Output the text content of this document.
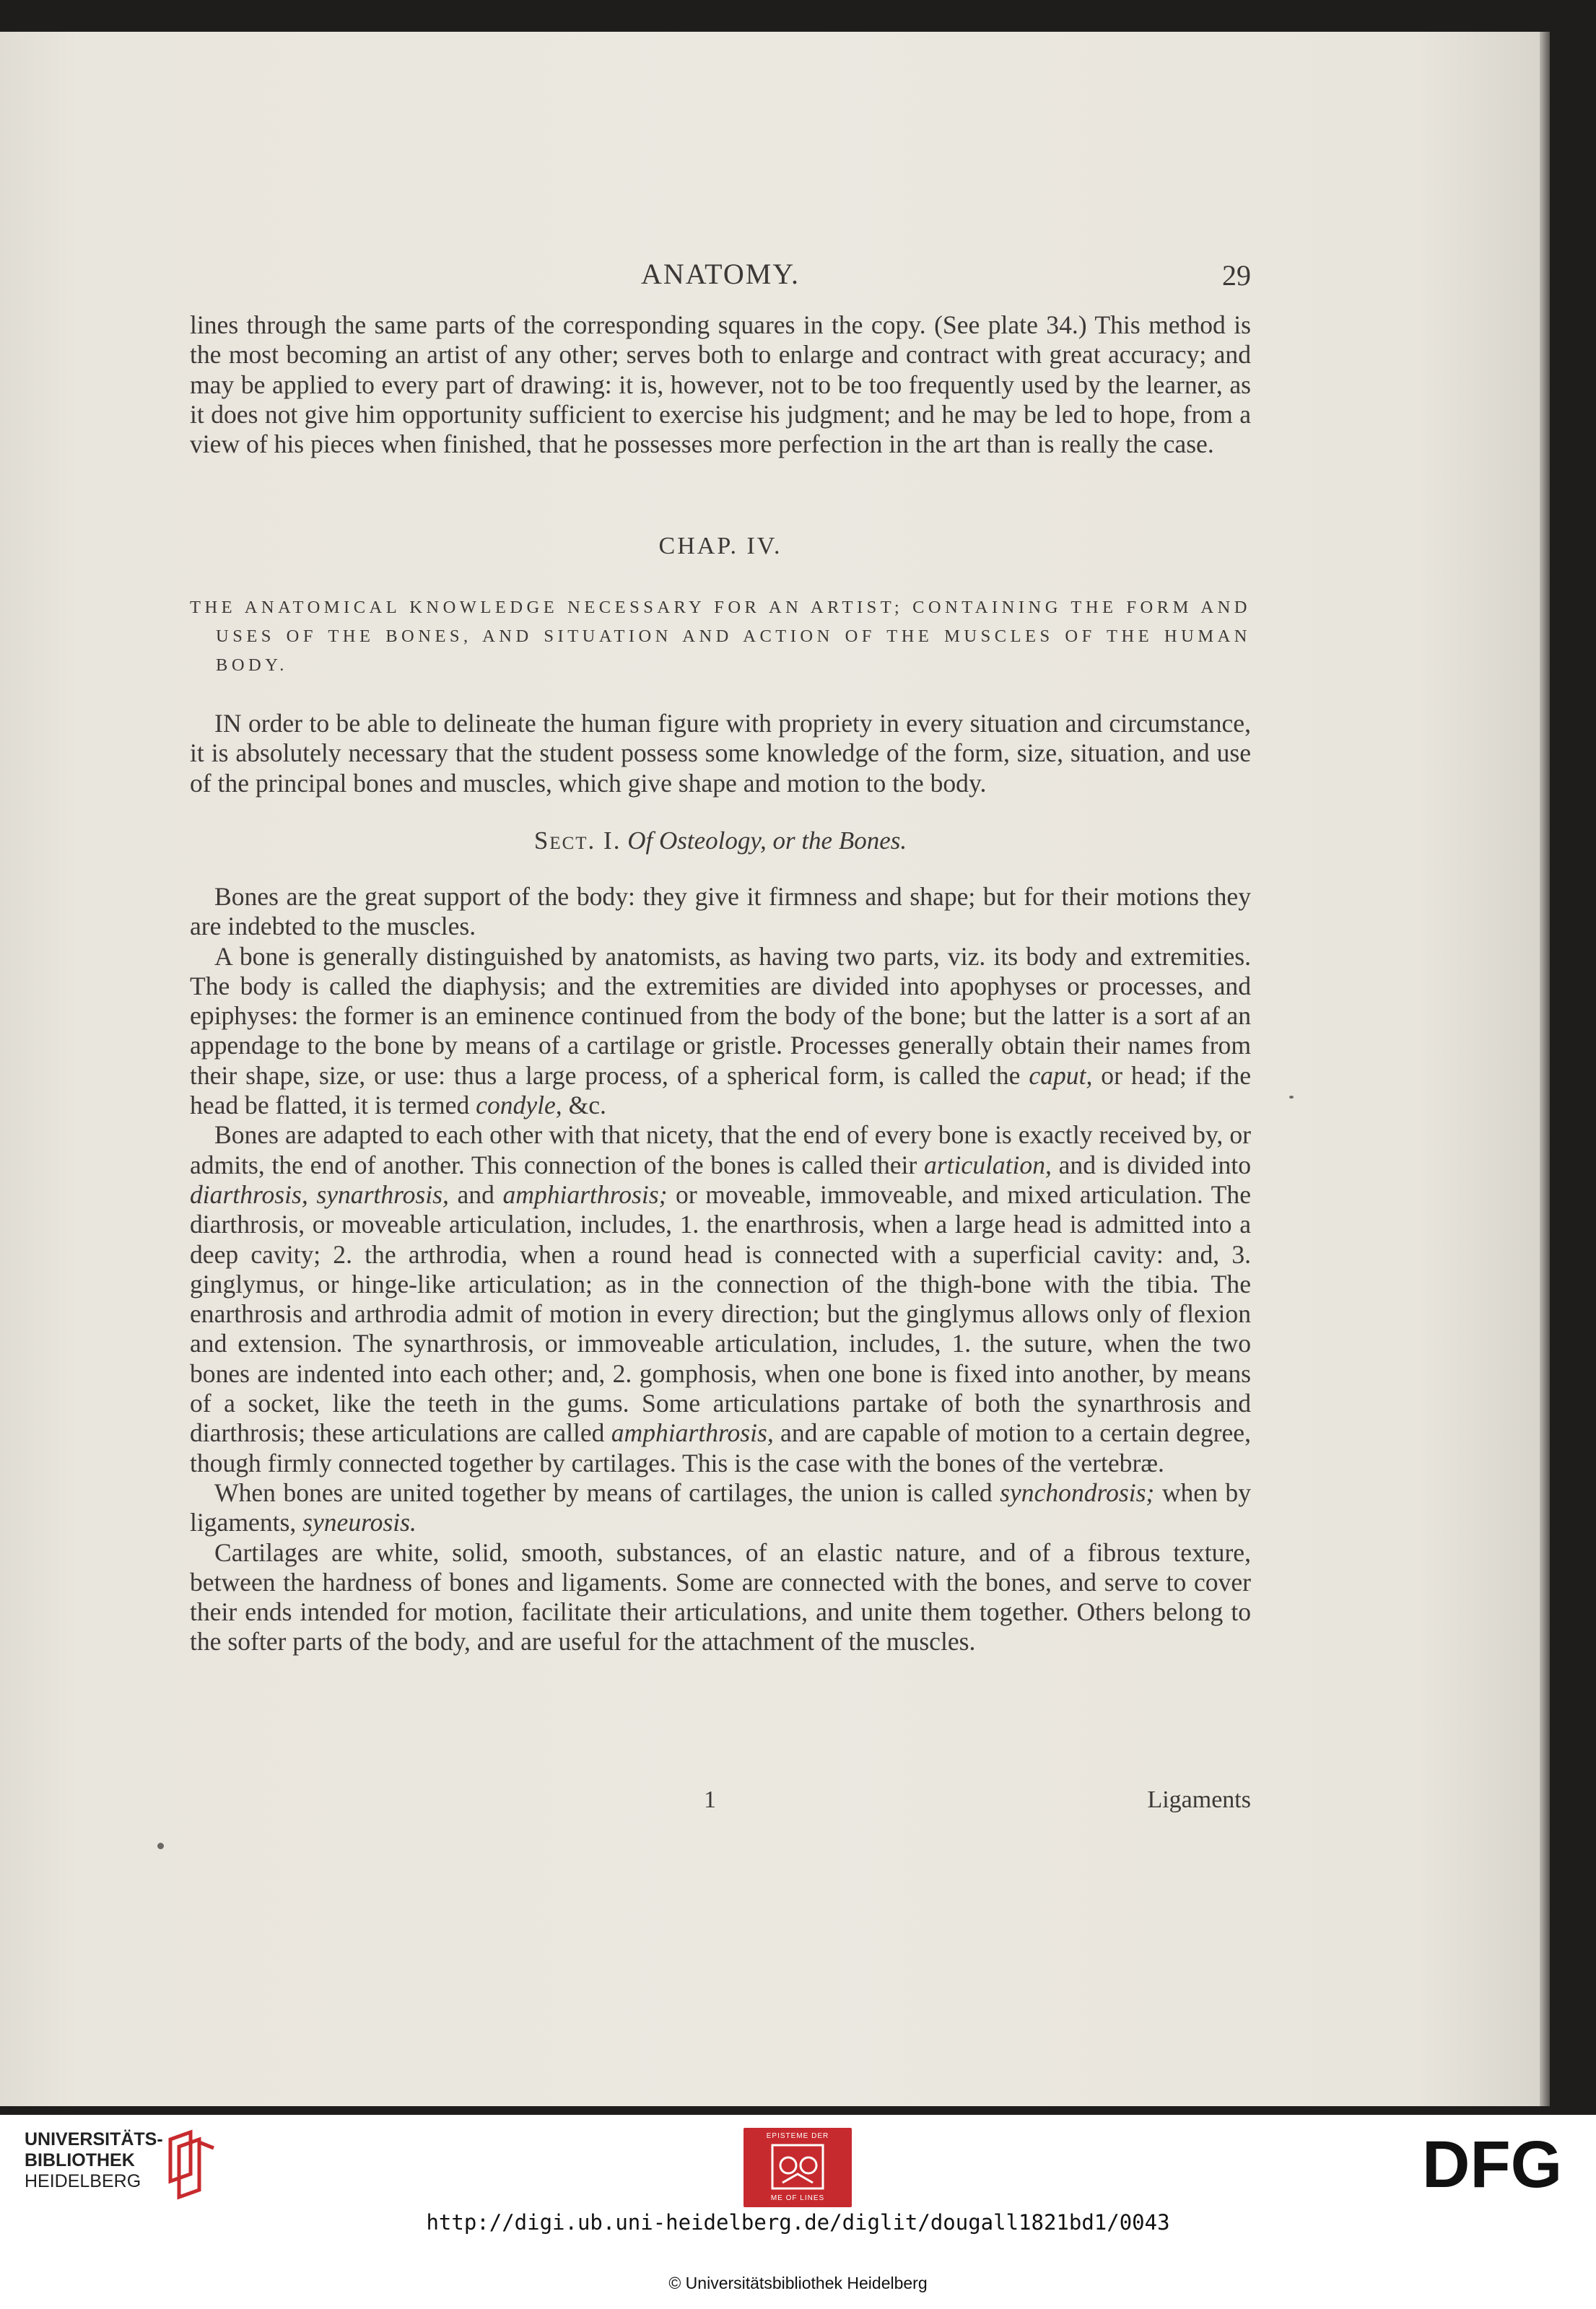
ANATOMY.	29

lines through the same parts of the corresponding squares in the copy. (See plate 34.) This method is the most becoming an artist of any other; serves both to enlarge and contract with great accuracy; and may be applied to every part of drawing: it is, however, not to be too frequently used by the learner, as it does not give him opportunity sufficient to exercise his judgment; and he may be led to hope, from a view of his pieces when finished, that he possesses more perfection in the art than is really the case.

CHAP. IV.
THE ANATOMICAL KNOWLEDGE NECESSARY FOR AN ARTIST; CONTAINING THE FORM AND USES OF THE BONES, AND SITUATION AND ACTION OF THE MUSCLES OF THE HUMAN BODY.

IN order to be able to delineate the human figure with propriety in every situation and circumstance, it is absolutely necessary that the student possess some knowledge of the form, size, situation, and use of the principal bones and muscles, which give shape and motion to the body.

Sect. I. Of Osteology, or the Bones.

Bones are the great support of the body: they give it firmness and shape; but for their motions they are indebted to the muscles.

A bone is generally distinguished by anatomists, as having two parts, viz. its body and extremities. The body is called the diaphysis; and the extremities are divided into apophyses or processes, and epiphyses: the former is an eminence continued from the body of the bone; but the latter is a sort af an appendage to the bone by means of a cartilage or gristle. Processes generally obtain their names from their shape, size, or use: thus a large process, of a spherical form, is called the caput, or head; if the head be flatted, it is termed condyle, &c.

Bones are adapted to each other with that nicety, that the end of every bone is exactly received by, or admits, the end of another. This connection of the bones is called their articulation, and is divided into diarthrosis, synarthrosis, and amphiarthrosis; or moveable, immoveable, and mixed articulation. The diarthrosis, or moveable articulation, includes, 1. the enarthrosis, when a large head is admitted into a deep cavity; 2. the arthrodia, when a round head is connected with a superficial cavity: and, 3. ginglymus, or hinge-like articulation; as in the connection of the thigh-bone with the tibia. The enarthrosis and arthrodia admit of motion in every direction; but the ginglymus allows only of flexion and extension. The synarthrosis, or immoveable articulation, includes, 1. the suture, when the two bones are indented into each other; and, 2. gomphosis, when one bone is fixed into another, by means of a socket, like the teeth in the gums. Some articulations partake of both the synarthrosis and diarthrosis; these articulations are called amphiarthrosis, and are capable of motion to a certain degree, though firmly connected together by cartilages. This is the case with the bones of the vertebræ.

When bones are united together by means of cartilages, the union is called synchondrosis; when by ligaments, syneurosis.

Cartilages are white, solid, smooth, substances, of an elastic nature, and of a fibrous texture, between the hardness of bones and ligaments. Some are connected with the bones, and serve to cover their ends intended for motion, facilitate their articulations, and unite them together. Others belong to the softer parts of the body, and are useful for the attachment of the muscles.

1	Ligaments
UNIVERSITÄTS-
BIBLIOTHEK
HEIDELBERG
EPISTEME DER
ME OF LINES	DFG
http://digi.ub.uni-heidelberg.de/diglit/dougall1821bd1/0043
© Universitätsbibliothek Heidelberg
